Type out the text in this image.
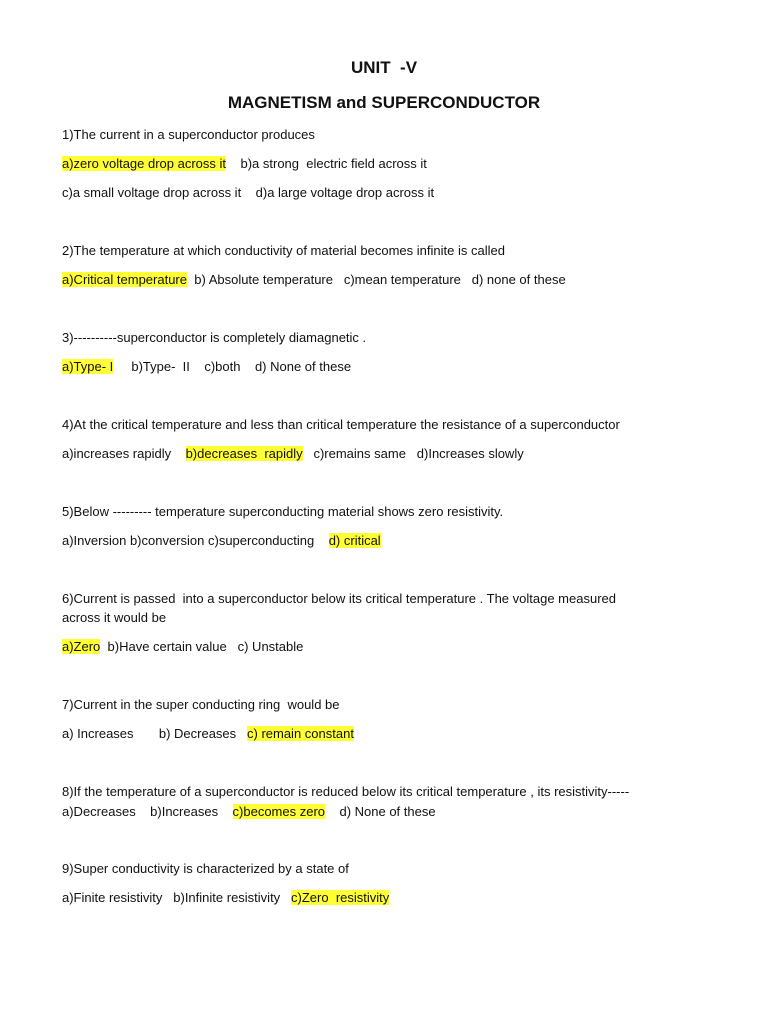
UNIT  -V
MAGNETISM and SUPERCONDUCTOR
1)The current in a superconductor produces
a)zero voltage drop across it b)a strong  electric field across it
c)a small voltage drop across it d)a large voltage drop across it
2)The temperature at which conductivity of material becomes infinite is called
a)Critical temperature b) Absolute temperature c)mean temperature d) none of these
3)----------superconductor is completely diamagnetic .
a)Type- I b)Type-  II c)both d) None of these
4)At the critical temperature and less than critical temperature the resistance of a superconductor
a)increases rapidly b)decreases  rapidly c)remains same d)Increases slowly
5)Below --------- temperature superconducting material shows zero resistivity.
a)Inversion b)conversion c)superconducting d) critical
6)Current is passed  into a superconductor below its critical temperature . The voltage measured
across it would be
a)Zero b)Have certain value c) Unstable
7)Current in the super conducting ring  would be
a) Increases b) Decreases c) remain constant
8)If the temperature of a superconductor is reduced below its critical temperature , its resistivity-----
a)Decreases b)Increases c)becomes zero d) None of these
9)Super conductivity is characterized by a state of
a)Finite resistivity b)Infinite resistivity c)Zero  resistivity
